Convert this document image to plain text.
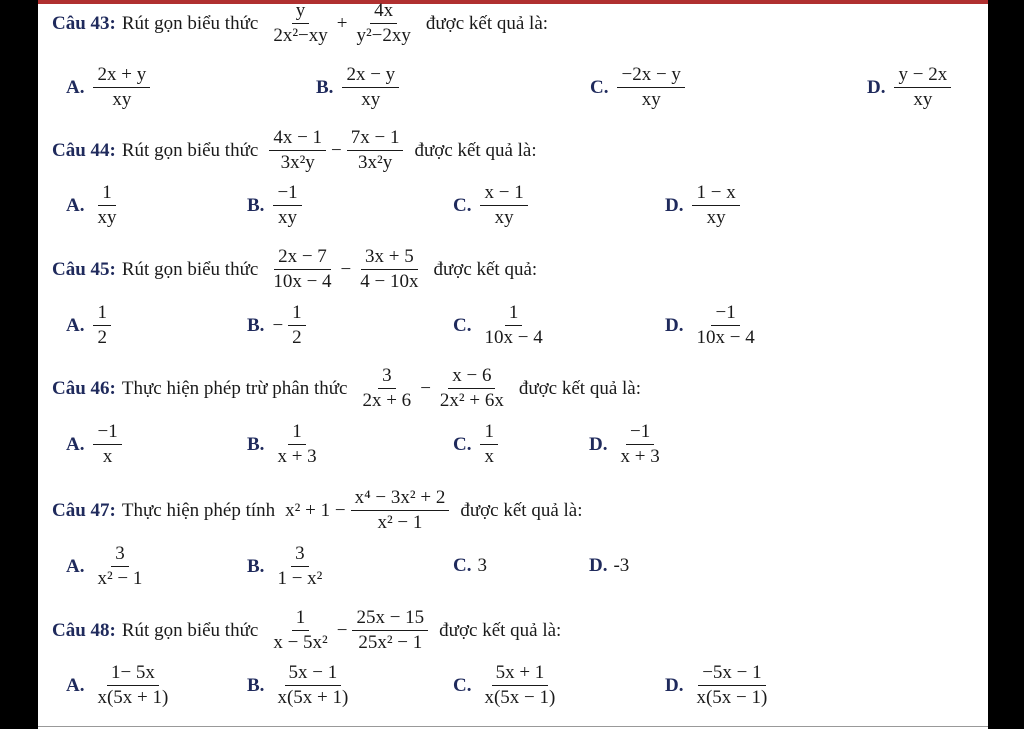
Câu 43: Rút gọn biểu thức $\frac{y}{\text{2x²−xy}} + \frac{4x}{\text{y²−2xy}}$ được kết quả là:
A. $\frac{2x + y}{xy}$	B. $\frac{2x - y}{xy}$	C. $\frac{-2x - y}{xy}$	D. $\frac{y - 2x}{xy}$
Câu 44: Rút gọn biểu thức $\frac{4x - 1}{\text{3x²y}} - \frac{7x - 1}{\text{3x²y}}$ được kết quả là:
A. $\frac{1}{xy}$	B. $\frac{-1}{xy}$	C. $\frac{x - 1}{xy}$	D. $\frac{1 - x}{xy}$
Câu 45: Rút gọn biểu thức $\frac{2x - 7}{10x - 4} - \frac{3x + 5}{4 - 10x}$ được kết quả:
A. $\frac{1}{2}$	B. − $\frac{1}{2}$	C. $\frac{1}{10x - 4}$	D. $\frac{-1}{10x - 4}$
Câu 46: Thực hiện phép trừ phân thức $\frac{3}{2x + 6} - \frac{x - 6}{\text{2x² + 6x}}$ được kết quả là:
A. $\frac{-1}{x}$	B. $\frac{1}{x + 3}$	C. $\frac{1}{x}$	D. $\frac{-1}{x + 3}$
Câu 47: Thực hiện phép tính $x^2 + 1 - \frac{\text{x⁴ − 3x² + 2}}{\text{x² − 1}}$ được kết quả là:
A. $\frac{3}{\text{x² − 1}}$	B. $\frac{3}{\text{1 − x²}}$	C. 3	D. -3
Câu 48: Rút gọn biểu thức $\frac{1}{\text{x − 5x²}} - \frac{25x - 15}{\text{25x² − 1}}$ được kết quả là:
A. $\frac{1- 5x}{x(5x + 1)}$	B. $\frac{5x - 1}{x(5x + 1)}$	C. $\frac{5x + 1}{x(5x - 1)}$	D. $\frac{-5x - 1}{x(5x - 1)}$
